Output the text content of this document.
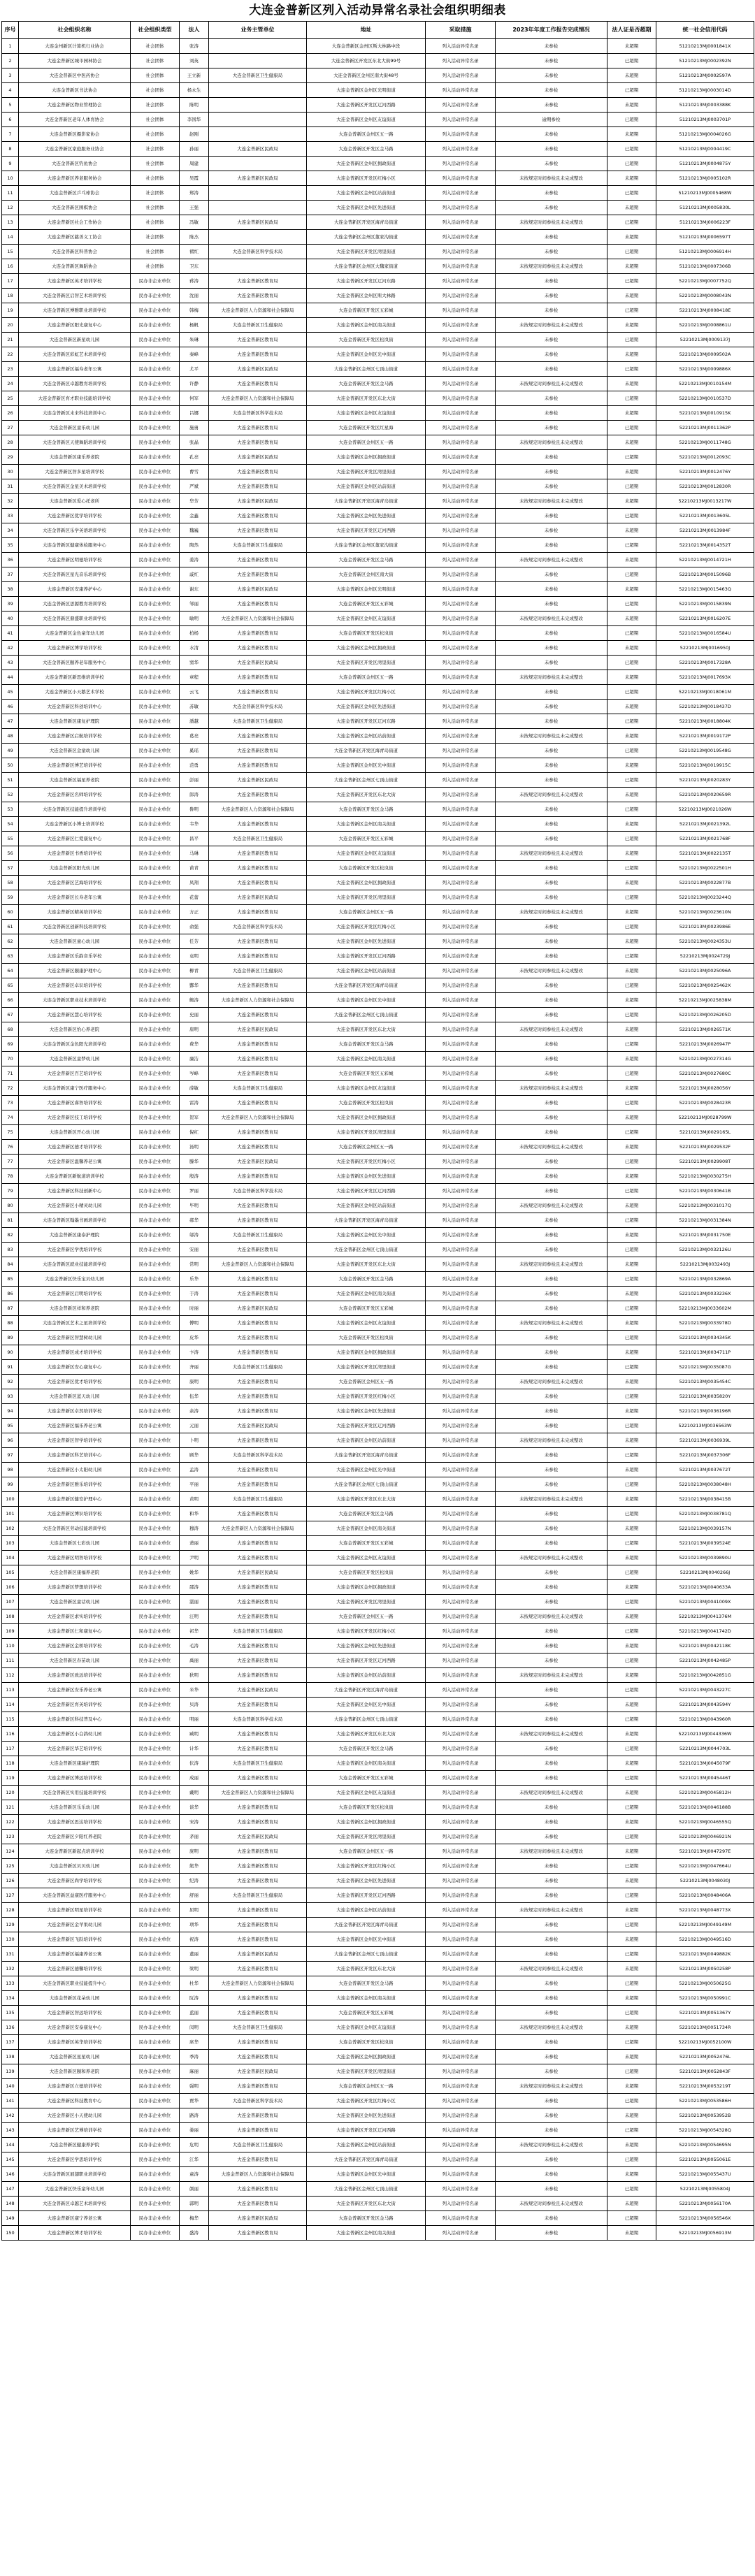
大连金普新区列入活动异常名录社会组织明细表
序号	社会组织名称	社会组织类型	法人	业务主管单位	地址	采取措施	2023年年度工作报告完成情况	法人证是否超期	统一社会信用代码
1	大连金州新区计算机行业协会	社会团体	张涛		大连金普新区金州区斯大林路中段	列入活动异常名录	未参检	未超期	51210213MJ0001841X
2	大连金普新区城市园林协会	社会团体	刘英		大连金普新区开发区东北大街99号	列入活动异常名录	未参检	已超期	51210213MJ0002392N
3	大连金普新区中医药协会	社会团体	王立新	大连金普新区卫生健康局	大连金普新区金州区南大街48号	列入活动异常名录	未参检	未超期	51210213MJ0002597A
4	大连金普新区书法协会	社会团体	杨永生		大连金普新区金州区光明街道	列入活动异常名录	未参检	已超期	51210213MJ0003014D
5	大连金普新区物业管理协会	社会团体	陈明		大连金普新区开发区辽河西路	列入活动异常名录	未参检	未超期	51210213MJ0003388K
6	大连金普新区老年人体育协会	社会团体	李国华		大连金普新区金州区友谊街道	列入活动异常名录	逾期参检	已超期	51210213MJ0003701P
7	大连金普新区摄影家协会	社会团体	赵刚		大连金普新区金州区五一路	列入活动异常名录	未参检	未超期	51210213MJ0004026G
8	大连金普新区家庭服务业协会	社会团体	孙丽	大连金普新区民政局	大连金普新区开发区金马路	列入活动异常名录	未参检	已超期	51210213MJ0004419C
9	大连金普新区钓鱼协会	社会团体	周建		大连金普新区金州区拥政街道	列入活动异常名录	未参检	已超期	51210213MJ0004875Y
10	大连金普新区养老服务协会	社会团体	吴霞	大连金普新区民政局	大连金普新区开发区红梅小区	列入活动异常名录	未按规定时间参检且未完成整改	未超期	51210213MJ0005102R
11	大连金普新区乒乓球协会	社会团体	郑涛		大连金普新区金州区站前街道	列入活动异常名录	未参检	已超期	51210213MJ0005468W
12	大连金普新区围棋协会	社会团体	王强		大连金普新区金州区先进街道	列入活动异常名录	未参检	未超期	51210213MJ0005830L
13	大连金普新区社会工作协会	社会团体	冯敏	大连金普新区民政局	大连金普新区开发区海青岛街道	列入活动异常名录	未按规定时间参检且未完成整改	已超期	51210213MJ0006223F
14	大连金普新区慈善义工协会	社会团体	陈杰		大连金普新区金州区董家沟街道	列入活动异常名录	未参检	未超期	51210213MJ0006597T
15	大连金普新区科普协会	社会团体	褚红	大连金普新区科学技术局	大连金普新区开发区湾里街道	列入活动异常名录	未参检	已超期	51210213MJ0006914H
16	大连金普新区舞蹈协会	社会团体	卫东		大连金普新区金州区大魏家街道	列入活动异常名录	未按规定时间参检且未完成整改	未超期	51210213MJ0007306B
17	大连金普新区英才培训学校	民办非企业单位	蒋涛	大连金普新区教育局	大连金普新区开发区辽河东路	列入活动异常名录	未参检	已超期	52210213MJ0007752Q
18	大连金普新区启智艺术培训学校	民办非企业单位	沈丽	大连金普新区教育局	大连金普新区金州区斯大林路	列入活动异常名录	未参检	未超期	52210213MJ0008043N
19	大连金普新区博雅职业培训学校	民办非企业单位	韩梅	大连金普新区人力资源和社会保障局	大连金普新区开发区五彩城	列入活动异常名录	未参检	已超期	52210213MJ0008418E
20	大连金普新区阳光康复中心	民办非企业单位	杨帆	大连金普新区卫生健康局	大连金普新区金州区南关街道	列入活动异常名录	未按规定时间参检且未完成整改	未超期	52210213MJ0008861U
21	大连金普新区新星幼儿园	民办非企业单位	朱琳	大连金普新区教育局	大连金普新区开发区松岚街	列入活动异常名录	未参检	已超期	52210213MJ0009137J
22	大连金普新区彩虹艺术培训学校	民办非企业单位	秦峰	大连金普新区教育局	大连金普新区金州区光中街道	列入活动异常名录	未参检	未超期	52210213MJ0009502A
23	大连金普新区福寿老年公寓	民办非企业单位	尤平	大连金普新区民政局	大连金普新区金州区七顶山街道	列入活动异常名录	未参检	已超期	52210213MJ0009886X
24	大连金普新区卓越教育培训学校	民办非企业单位	许静	大连金普新区教育局	大连金普新区开发区金马路	列入活动异常名录	未按规定时间参检且未完成整改	未超期	52210213MJ0010154M
25	大连金普新区育才职业技能培训学校	民办非企业单位	何军	大连金普新区人力资源和社会保障局	大连金普新区开发区东北大街	列入活动异常名录	未参检	已超期	52210213MJ0010537D
26	大连金普新区未来科技培训中心	民办非企业单位	吕娜	大连金普新区科学技术局	大连金普新区金州区友谊街道	列入活动异常名录	未参检	未超期	52210213MJ0010915K
27	大连金普新区童乐幼儿园	民办非企业单位	施勇	大连金普新区教育局	大连金普新区开发区红星海	列入活动异常名录	未参检	已超期	52210213MJ0011362P
28	大连金普新区天使舞蹈培训学校	民办非企业单位	张晶	大连金普新区教育局	大连金普新区金州区五一路	列入活动异常名录	未按规定时间参检且未完成整改	未超期	52210213MJ0011748G
29	大连金普新区康乐养老院	民办非企业单位	孔亮	大连金普新区民政局	大连金普新区金州区拥政街道	列入活动异常名录	未参检	已超期	52210213MJ0012093C
30	大连金普新区智多星培训学校	民办非企业单位	曹雪	大连金普新区教育局	大连金普新区开发区湾里街道	列入活动异常名录	未参检	未超期	52210213MJ0012476Y
31	大连金普新区金星美术培训学校	民办非企业单位	严斌	大连金普新区教育局	大连金普新区金州区站前街道	列入活动异常名录	未参检	已超期	52210213MJ0012830R
32	大连金普新区爱心托老所	民办非企业单位	华芳	大连金普新区民政局	大连金普新区开发区海青岛街道	列入活动异常名录	未按规定时间参检且未完成整改	未超期	52210213MJ0013217W
33	大连金普新区优学培训学校	民办非企业单位	金鑫	大连金普新区教育局	大连金普新区金州区先进街道	列入活动异常名录	未参检	已超期	52210213MJ0013605L
34	大连金普新区乐学英语培训学校	民办非企业单位	魏巍	大连金普新区教育局	大连金普新区开发区辽河西路	列入活动异常名录	未参检	未超期	52210213MJ0013984F
35	大连金普新区健康体检服务中心	民办非企业单位	陶然	大连金普新区卫生健康局	大连金普新区金州区董家沟街道	列入活动异常名录	未参检	已超期	52210213MJ0014352T
36	大连金普新区明德培训学校	民办非企业单位	姜涛	大连金普新区教育局	大连金普新区开发区金马路	列入活动异常名录	未按规定时间参检且未完成整改	未超期	52210213MJ0014721H
37	大连金普新区星光音乐培训学校	民办非企业单位	戚红	大连金普新区教育局	大连金普新区金州区南大街	列入活动异常名录	未参检	已超期	52210213MJ0015096B
38	大连金普新区安康养护中心	民办非企业单位	谢东	大连金普新区民政局	大连金普新区金州区光明街道	列入活动异常名录	未参检	未超期	52210213MJ0015463Q
39	大连金普新区思源教育培训学校	民办非企业单位	邹丽	大连金普新区教育局	大连金普新区开发区五彩城	列入活动异常名录	未参检	已超期	52210213MJ0015839N
40	大连金普新区鼎盛职业培训学校	民办非企业单位	喻明	大连金普新区人力资源和社会保障局	大连金普新区金州区友谊街道	列入活动异常名录	未按规定时间参检且未完成整改	未超期	52210213MJ0016207E
41	大连金普新区金色童年幼儿园	民办非企业单位	柏杨	大连金普新区教育局	大连金普新区开发区松岚街	列入活动异常名录	未参检	已超期	52210213MJ0016584U
42	大连金普新区博学培训学校	民办非企业单位	水清	大连金普新区教育局	大连金普新区金州区拥政街道	列入活动异常名录	未参检	未超期	52210213MJ0016950J
43	大连金普新区颐养老年服务中心	民办非企业单位	窦华	大连金普新区民政局	大连金普新区开发区湾里街道	列入活动异常名录	未参检	已超期	52210213MJ0017328A
44	大连金普新区新思维培训学校	民办非企业单位	章程	大连金普新区教育局	大连金普新区金州区五一路	列入活动异常名录	未按规定时间参检且未完成整改	未超期	52210213MJ0017693X
45	大连金普新区小天鹅艺术学校	民办非企业单位	云飞	大连金普新区教育局	大连金普新区开发区红梅小区	列入活动异常名录	未参检	已超期	52210213MJ0018061M
46	大连金普新区科创培训中心	民办非企业单位	苏敏	大连金普新区科学技术局	大连金普新区金州区先进街道	列入活动异常名录	未参检	未超期	52210213MJ0018437D
47	大连金普新区康复护理院	民办非企业单位	潘越	大连金普新区卫生健康局	大连金普新区开发区辽河东路	列入活动异常名录	未参检	已超期	52210213MJ0018804K
48	大连金普新区启航培训学校	民办非企业单位	葛亮	大连金普新区教育局	大连金普新区金州区站前街道	列入活动异常名录	未按规定时间参检且未完成整改	未超期	52210213MJ0019172P
49	大连金普新区金童幼儿园	民办非企业单位	奚瑶	大连金普新区教育局	大连金普新区开发区海青岛街道	列入活动异常名录	未参检	已超期	52210213MJ0019548G
50	大连金普新区博艺培训学校	民办非企业单位	范勇	大连金普新区教育局	大连金普新区金州区光中街道	列入活动异常名录	未参检	未超期	52210213MJ0019915C
51	大连金普新区福星养老院	民办非企业单位	彭丽	大连金普新区民政局	大连金普新区金州区七顶山街道	列入活动异常名录	未参检	已超期	52210213MJ0020283Y
52	大连金普新区名师培训学校	民办非企业单位	郎涛	大连金普新区教育局	大连金普新区开发区东北大街	列入活动异常名录	未按规定时间参检且未完成整改	未超期	52210213MJ0020659R
53	大连金普新区技能提升培训学校	民办非企业单位	鲁明	大连金普新区人力资源和社会保障局	大连金普新区开发区金马路	列入活动异常名录	未参检	已超期	52210213MJ0021026W
54	大连金普新区小博士培训学校	民办非企业单位	韦华	大连金普新区教育局	大连金普新区金州区南关街道	列入活动异常名录	未参检	未超期	52210213MJ0021392L
55	大连金普新区仁爱康复中心	民办非企业单位	昌平	大连金普新区卫生健康局	大连金普新区开发区五彩城	列入活动异常名录	未参检	已超期	52210213MJ0021768F
56	大连金普新区书香培训学校	民办非企业单位	马琳	大连金普新区教育局	大连金普新区金州区友谊街道	列入活动异常名录	未按规定时间参检且未完成整改	未超期	52210213MJ0022135T
57	大连金普新区阳光幼儿园	民办非企业单位	苗青	大连金普新区教育局	大连金普新区开发区松岚街	列入活动异常名录	未参检	已超期	52210213MJ0022501H
58	大连金普新区艺海培训学校	民办非企业单位	凤翔	大连金普新区教育局	大连金普新区金州区拥政街道	列入活动异常名录	未参检	未超期	52210213MJ0022877B
59	大连金普新区长寿老年公寓	民办非企业单位	花蕾	大连金普新区民政局	大连金普新区开发区湾里街道	列入活动异常名录	未参检	已超期	52210213MJ0023244Q
60	大连金普新区精英培训学校	民办非企业单位	方正	大连金普新区教育局	大连金普新区金州区五一路	列入活动异常名录	未按规定时间参检且未完成整改	未超期	52210213MJ0023610N
61	大连金普新区创新科技培训学校	民办非企业单位	俞强	大连金普新区科学技术局	大连金普新区开发区红梅小区	列入活动异常名录	未参检	已超期	52210213MJ0023986E
62	大连金普新区童心幼儿园	民办非企业单位	任芳	大连金普新区教育局	大连金普新区金州区先进街道	列入活动异常名录	未参检	未超期	52210213MJ0024353U
63	大连金普新区乐韵音乐学校	民办非企业单位	袁明	大连金普新区教育局	大连金普新区开发区辽河西路	列入活动异常名录	未参检	已超期	52210213MJ0024729J
64	大连金普新区颐康护理中心	民办非企业单位	柳青	大连金普新区卫生健康局	大连金普新区金州区站前街道	列入活动异常名录	未按规定时间参检且未完成整改	未超期	52210213MJ0025096A
65	大连金普新区卓识培训学校	民办非企业单位	酆华	大连金普新区教育局	大连金普新区开发区海青岛街道	列入活动异常名录	未参检	已超期	52210213MJ0025462X
66	大连金普新区职业技术培训学校	民办非企业单位	鲍涛	大连金普新区人力资源和社会保障局	大连金普新区金州区光中街道	列入活动异常名录	未参检	未超期	52210213MJ0025838M
67	大连金普新区慧心培训学校	民办非企业单位	史丽	大连金普新区教育局	大连金普新区金州区七顶山街道	列入活动异常名录	未参检	已超期	52210213MJ0026205D
68	大连金普新区怡心养老院	民办非企业单位	唐明	大连金普新区民政局	大连金普新区开发区东北大街	列入活动异常名录	未按规定时间参检且未完成整改	未超期	52210213MJ0026571K
69	大连金普新区金色阳光培训学校	民办非企业单位	费华	大连金普新区教育局	大连金普新区开发区金马路	列入活动异常名录	未参检	已超期	52210213MJ0026947P
70	大连金普新区童梦幼儿园	民办非企业单位	廉洁	大连金普新区教育局	大连金普新区金州区南关街道	列入活动异常名录	未参检	未超期	52210213MJ0027314G
71	大连金普新区百艺培训学校	民办非企业单位	岑峰	大连金普新区教育局	大连金普新区开发区五彩城	列入活动异常名录	未参检	已超期	52210213MJ0027680C
72	大连金普新区康宁医疗服务中心	民办非企业单位	薛敏	大连金普新区卫生健康局	大连金普新区金州区友谊街道	列入活动异常名录	未按规定时间参检且未完成整改	未超期	52210213MJ0028056Y
73	大连金普新区睿智培训学校	民办非企业单位	雷涛	大连金普新区教育局	大连金普新区开发区松岚街	列入活动异常名录	未参检	已超期	52210213MJ0028423R
74	大连金普新区技工培训学校	民办非企业单位	贺军	大连金普新区人力资源和社会保障局	大连金普新区金州区拥政街道	列入活动异常名录	未参检	未超期	52210213MJ0028799W
75	大连金普新区开心幼儿园	民办非企业单位	倪红	大连金普新区教育局	大连金普新区开发区湾里街道	列入活动异常名录	未参检	已超期	52210213MJ0029165L
76	大连金普新区德才培训学校	民办非企业单位	汤明	大连金普新区教育局	大连金普新区金州区五一路	列入活动异常名录	未按规定时间参检且未完成整改	未超期	52210213MJ0029532F
77	大连金普新区温馨养老公寓	民办非企业单位	滕华	大连金普新区民政局	大连金普新区开发区红梅小区	列入活动异常名录	未参检	已超期	52210213MJ0029908T
78	大连金普新区新航道培训学校	民办非企业单位	殷涛	大连金普新区教育局	大连金普新区金州区先进街道	列入活动异常名录	未参检	未超期	52210213MJ0030275H
79	大连金普新区科技创新中心	民办非企业单位	罗丽	大连金普新区科学技术局	大连金普新区开发区辽河西路	列入活动异常名录	未参检	已超期	52210213MJ0030641B
80	大连金普新区小精灵幼儿园	民办非企业单位	毕明	大连金普新区教育局	大连金普新区金州区站前街道	列入活动异常名录	未按规定时间参检且未完成整改	未超期	52210213MJ0031017Q
81	大连金普新区翰墨书画培训学校	民办非企业单位	郝华	大连金普新区教育局	大连金普新区开发区海青岛街道	列入活动异常名录	未参检	已超期	52210213MJ0031384N
82	大连金普新区康泰护理院	民办非企业单位	邬涛	大连金普新区卫生健康局	大连金普新区金州区光中街道	列入活动异常名录	未参检	未超期	52210213MJ0031750E
83	大连金普新区学优培训学校	民办非企业单位	安丽	大连金普新区教育局	大连金普新区金州区七顶山街道	列入活动异常名录	未参检	已超期	52210213MJ0032126U
84	大连金普新区就业技能培训学校	民办非企业单位	常明	大连金普新区人力资源和社会保障局	大连金普新区开发区东北大街	列入活动异常名录	未按规定时间参检且未完成整改	未超期	52210213MJ0032493J
85	大连金普新区快乐宝贝幼儿园	民办非企业单位	乐华	大连金普新区教育局	大连金普新区开发区金马路	列入活动异常名录	未参检	已超期	52210213MJ0032869A
86	大连金普新区启明培训学校	民办非企业单位	于涛	大连金普新区教育局	大连金普新区金州区南关街道	列入活动异常名录	未参检	未超期	52210213MJ0033236X
87	大连金普新区祥和养老院	民办非企业单位	时丽	大连金普新区民政局	大连金普新区开发区五彩城	列入活动异常名录	未参检	已超期	52210213MJ0033602M
88	大连金普新区艺术之星培训学校	民办非企业单位	傅明	大连金普新区教育局	大连金普新区金州区友谊街道	列入活动异常名录	未按规定时间参检且未完成整改	未超期	52210213MJ0033978D
89	大连金普新区智慧树幼儿园	民办非企业单位	皮华	大连金普新区教育局	大连金普新区开发区松岚街	列入活动异常名录	未参检	已超期	52210213MJ0034345K
90	大连金普新区成才培训学校	民办非企业单位	卞涛	大连金普新区教育局	大连金普新区金州区拥政街道	列入活动异常名录	未参检	未超期	52210213MJ0034711P
91	大连金普新区安心康复中心	民办非企业单位	齐丽	大连金普新区卫生健康局	大连金普新区开发区湾里街道	列入活动异常名录	未参检	已超期	52210213MJ0035087G
92	大连金普新区优才培训学校	民办非企业单位	康明	大连金普新区教育局	大连金普新区金州区五一路	列入活动异常名录	未按规定时间参检且未完成整改	未超期	52210213MJ0035454C
93	大连金普新区蓝天幼儿园	民办非企业单位	伍华	大连金普新区教育局	大连金普新区开发区红梅小区	列入活动异常名录	未参检	已超期	52210213MJ0035820Y
94	大连金普新区卓然培训学校	民办非企业单位	余涛	大连金普新区教育局	大连金普新区金州区先进街道	列入活动异常名录	未参检	未超期	52210213MJ0036196R
95	大连金普新区福乐养老公寓	民办非企业单位	元丽	大连金普新区民政局	大连金普新区开发区辽河西路	列入活动异常名录	未参检	已超期	52210213MJ0036563W
96	大连金普新区智学培训学校	民办非企业单位	卜明	大连金普新区教育局	大连金普新区金州区站前街道	列入活动异常名录	未按规定时间参检且未完成整改	未超期	52210213MJ0036939L
97	大连金普新区科艺培训中心	民办非企业单位	顾华	大连金普新区科学技术局	大连金普新区开发区海青岛街道	列入活动异常名录	未参检	已超期	52210213MJ0037306F
98	大连金普新区小太阳幼儿园	民办非企业单位	孟涛	大连金普新区教育局	大连金普新区金州区光中街道	列入活动异常名录	未参检	未超期	52210213MJ0037672T
99	大连金普新区雅乐培训学校	民办非企业单位	平丽	大连金普新区教育局	大连金普新区金州区七顶山街道	列入活动异常名录	未参检	已超期	52210213MJ0038048H
100	大连金普新区健安护理中心	民办非企业单位	黄明	大连金普新区卫生健康局	大连金普新区开发区东北大街	列入活动异常名录	未按规定时间参检且未完成整改	未超期	52210213MJ0038415B
101	大连金普新区博识培训学校	民办非企业单位	和华	大连金普新区教育局	大连金普新区开发区金马路	列入活动异常名录	未参检	已超期	52210213MJ0038781Q
102	大连金普新区劳动技能培训学校	民办非企业单位	穆涛	大连金普新区人力资源和社会保障局	大连金普新区金州区南关街道	列入活动异常名录	未参检	未超期	52210213MJ0039157N
103	大连金普新区七彩幼儿园	民办非企业单位	萧丽	大连金普新区教育局	大连金普新区开发区五彩城	列入活动异常名录	未参检	已超期	52210213MJ0039524E
104	大连金普新区明智培训学校	民办非企业单位	尹明	大连金普新区教育局	大连金普新区金州区友谊街道	列入活动异常名录	未按规定时间参检且未完成整改	未超期	52210213MJ0039890U
105	大连金普新区康福养老院	民办非企业单位	姚华	大连金普新区民政局	大连金普新区开发区松岚街	列入活动异常名录	未参检	已超期	52210213MJ0040266J
106	大连金普新区梦想培训学校	民办非企业单位	邵涛	大连金普新区教育局	大连金普新区金州区拥政街道	列入活动异常名录	未参检	未超期	52210213MJ0040633A
107	大连金普新区童话幼儿园	民办非企业单位	湛丽	大连金普新区教育局	大连金普新区开发区湾里街道	列入活动异常名录	未参检	已超期	52210213MJ0041009X
108	大连金普新区求实培训学校	民办非企业单位	汪明	大连金普新区教育局	大连金普新区金州区五一路	列入活动异常名录	未按规定时间参检且未完成整改	未超期	52210213MJ0041376M
109	大连金普新区仁和康复中心	民办非企业单位	祁华	大连金普新区卫生健康局	大连金普新区开发区红梅小区	列入活动异常名录	未参检	已超期	52210213MJ0041742D
110	大连金普新区金桥培训学校	民办非企业单位	毛涛	大连金普新区教育局	大连金普新区金州区先进街道	列入活动异常名录	未参检	未超期	52210213MJ0042118K
111	大连金普新区春苗幼儿园	民办非企业单位	禹丽	大连金普新区教育局	大连金普新区开发区辽河西路	列入活动异常名录	未参检	已超期	52210213MJ0042485P
112	大连金普新区致远培训学校	民办非企业单位	狄明	大连金普新区教育局	大连金普新区金州区站前街道	列入活动异常名录	未按规定时间参检且未完成整改	未超期	52210213MJ0042851G
113	大连金普新区安乐养老公寓	民办非企业单位	米华	大连金普新区民政局	大连金普新区开发区海青岛街道	列入活动异常名录	未参检	已超期	52210213MJ0043227C
114	大连金普新区育英培训学校	民办非企业单位	贝涛	大连金普新区教育局	大连金普新区金州区光中街道	列入活动异常名录	未参检	未超期	52210213MJ0043594Y
115	大连金普新区科技普及中心	民办非企业单位	明丽	大连金普新区科学技术局	大连金普新区金州区七顶山街道	列入活动异常名录	未参检	已超期	52210213MJ0043960R
116	大连金普新区小白鸽幼儿园	民办非企业单位	臧明	大连金普新区教育局	大连金普新区开发区东北大街	列入活动异常名录	未按规定时间参检且未完成整改	未超期	52210213MJ0044336W
117	大连金普新区华艺培训学校	民办非企业单位	计华	大连金普新区教育局	大连金普新区开发区金马路	列入活动异常名录	未参检	已超期	52210213MJ0044703L
118	大连金普新区康瑞护理院	民办非企业单位	伏涛	大连金普新区卫生健康局	大连金普新区金州区南关街道	列入活动异常名录	未参检	未超期	52210213MJ0045079F
119	大连金普新区博远培训学校	民办非企业单位	成丽	大连金普新区教育局	大连金普新区开发区五彩城	列入活动异常名录	未参检	已超期	52210213MJ0045446T
120	大连金普新区实用技能培训学校	民办非企业单位	戴明	大连金普新区人力资源和社会保障局	大连金普新区金州区友谊街道	列入活动异常名录	未按规定时间参检且未完成整改	未超期	52210213MJ0045812H
121	大连金普新区乐乐幼儿园	民办非企业单位	谈华	大连金普新区教育局	大连金普新区开发区松岚街	列入活动异常名录	未参检	已超期	52210213MJ0046188B
122	大连金普新区思达培训学校	民办非企业单位	宋涛	大连金普新区教育局	大连金普新区金州区拥政街道	列入活动异常名录	未参检	未超期	52210213MJ0046555Q
123	大连金普新区夕阳红养老院	民办非企业单位	茅丽	大连金普新区民政局	大连金普新区开发区湾里街道	列入活动异常名录	未参检	已超期	52210213MJ0046921N
124	大连金普新区新起点培训学校	民办非企业单位	庞明	大连金普新区教育局	大连金普新区金州区五一路	列入活动异常名录	未按规定时间参检且未完成整改	未超期	52210213MJ0047297E
125	大连金普新区贝贝幼儿园	民办非企业单位	熊华	大连金普新区教育局	大连金普新区开发区红梅小区	列入活动异常名录	未参检	已超期	52210213MJ0047664U
126	大连金普新区尚学培训学校	民办非企业单位	纪涛	大连金普新区教育局	大连金普新区金州区先进街道	列入活动异常名录	未参检	未超期	52210213MJ0048030J
127	大连金普新区益康医疗服务中心	民办非企业单位	舒丽	大连金普新区卫生健康局	大连金普新区开发区辽河西路	列入活动异常名录	未参检	已超期	52210213MJ0048406A
128	大连金普新区明星培训学校	民办非企业单位	屈明	大连金普新区教育局	大连金普新区金州区站前街道	列入活动异常名录	未按规定时间参检且未完成整改	未超期	52210213MJ0048773X
129	大连金普新区金苹果幼儿园	民办非企业单位	项华	大连金普新区教育局	大连金普新区开发区海青岛街道	列入活动异常名录	未参检	已超期	52210213MJ0049149M
130	大连金普新区飞跃培训学校	民办非企业单位	祝涛	大连金普新区教育局	大连金普新区金州区光中街道	列入活动异常名录	未参检	未超期	52210213MJ0049516D
131	大连金普新区福康养老公寓	民办非企业单位	董丽	大连金普新区民政局	大连金普新区金州区七顶山街道	列入活动异常名录	未参检	已超期	52210213MJ0049882K
132	大连金普新区德馨培训学校	民办非企业单位	梁明	大连金普新区教育局	大连金普新区开发区东北大街	列入活动异常名录	未按规定时间参检且未完成整改	未超期	52210213MJ0050258P
133	大连金普新区职业技能提升中心	民办非企业单位	杜华	大连金普新区人力资源和社会保障局	大连金普新区开发区金马路	列入活动异常名录	未参检	已超期	52210213MJ0050625G
134	大连金普新区花朵幼儿园	民办非企业单位	阮涛	大连金普新区教育局	大连金普新区金州区南关街道	列入活动异常名录	未参检	未超期	52210213MJ0050991C
135	大连金普新区智远培训学校	民办非企业单位	蓝丽	大连金普新区教育局	大连金普新区开发区五彩城	列入活动异常名录	未参检	已超期	52210213MJ0051367Y
136	大连金普新区安泰康复中心	民办非企业单位	闵明	大连金普新区卫生健康局	大连金普新区金州区友谊街道	列入活动异常名录	未按规定时间参检且未完成整改	未超期	52210213MJ0051734R
137	大连金普新区英华培训学校	民办非企业单位	席华	大连金普新区教育局	大连金普新区开发区松岚街	列入活动异常名录	未参检	已超期	52210213MJ0052100W
138	大连金普新区星星幼儿园	民办非企业单位	季涛	大连金普新区教育局	大连金普新区金州区拥政街道	列入活动异常名录	未参检	未超期	52210213MJ0052476L
139	大连金普新区颐和养老院	民办非企业单位	麻丽	大连金普新区民政局	大连金普新区开发区湾里街道	列入活动异常名录	未参检	已超期	52210213MJ0052843F
140	大连金普新区立德培训学校	民办非企业单位	强明	大连金普新区教育局	大连金普新区金州区五一路	列入活动异常名录	未按规定时间参检且未完成整改	未超期	52210213MJ0053219T
141	大连金普新区科技教育中心	民办非企业单位	贾华	大连金普新区科学技术局	大连金普新区开发区红梅小区	列入活动异常名录	未参检	已超期	52210213MJ0053586H
142	大连金普新区小天使幼儿园	民办非企业单位	路涛	大连金普新区教育局	大连金普新区金州区先进街道	列入活动异常名录	未参检	未超期	52210213MJ0053952B
143	大连金普新区艺博培训学校	民办非企业单位	娄丽	大连金普新区教育局	大连金普新区开发区辽河西路	列入活动异常名录	未参检	已超期	52210213MJ0054328Q
144	大连金普新区健康养护院	民办非企业单位	危明	大连金普新区卫生健康局	大连金普新区金州区站前街道	列入活动异常名录	未按规定时间参检且未完成整改	未超期	52210213MJ0054695N
145	大连金普新区学思培训学校	民办非企业单位	江华	大连金普新区教育局	大连金普新区开发区海青岛街道	列入活动异常名录	未参检	已超期	52210213MJ0055061E
146	大连金普新区展翅职业培训学校	民办非企业单位	童涛	大连金普新区人力资源和社会保障局	大连金普新区金州区光中街道	列入活动异常名录	未参检	未超期	52210213MJ0055437U
147	大连金普新区快乐童年幼儿园	民办非企业单位	颜丽	大连金普新区教育局	大连金普新区金州区七顶山街道	列入活动异常名录	未参检	已超期	52210213MJ0055804J
148	大连金普新区卓越艺术培训学校	民办非企业单位	郭明	大连金普新区教育局	大连金普新区开发区东北大街	列入活动异常名录	未按规定时间参检且未完成整改	未超期	52210213MJ0056170A
149	大连金普新区康宁养老公寓	民办非企业单位	梅华	大连金普新区民政局	大连金普新区开发区金马路	列入活动异常名录	未参检	已超期	52210213MJ0056546X
150	大连金普新区博才培训学校	民办非企业单位	盛涛	大连金普新区教育局	大连金普新区金州区南关街道	列入活动异常名录	未参检	未超期	52210213MJ0056913M
